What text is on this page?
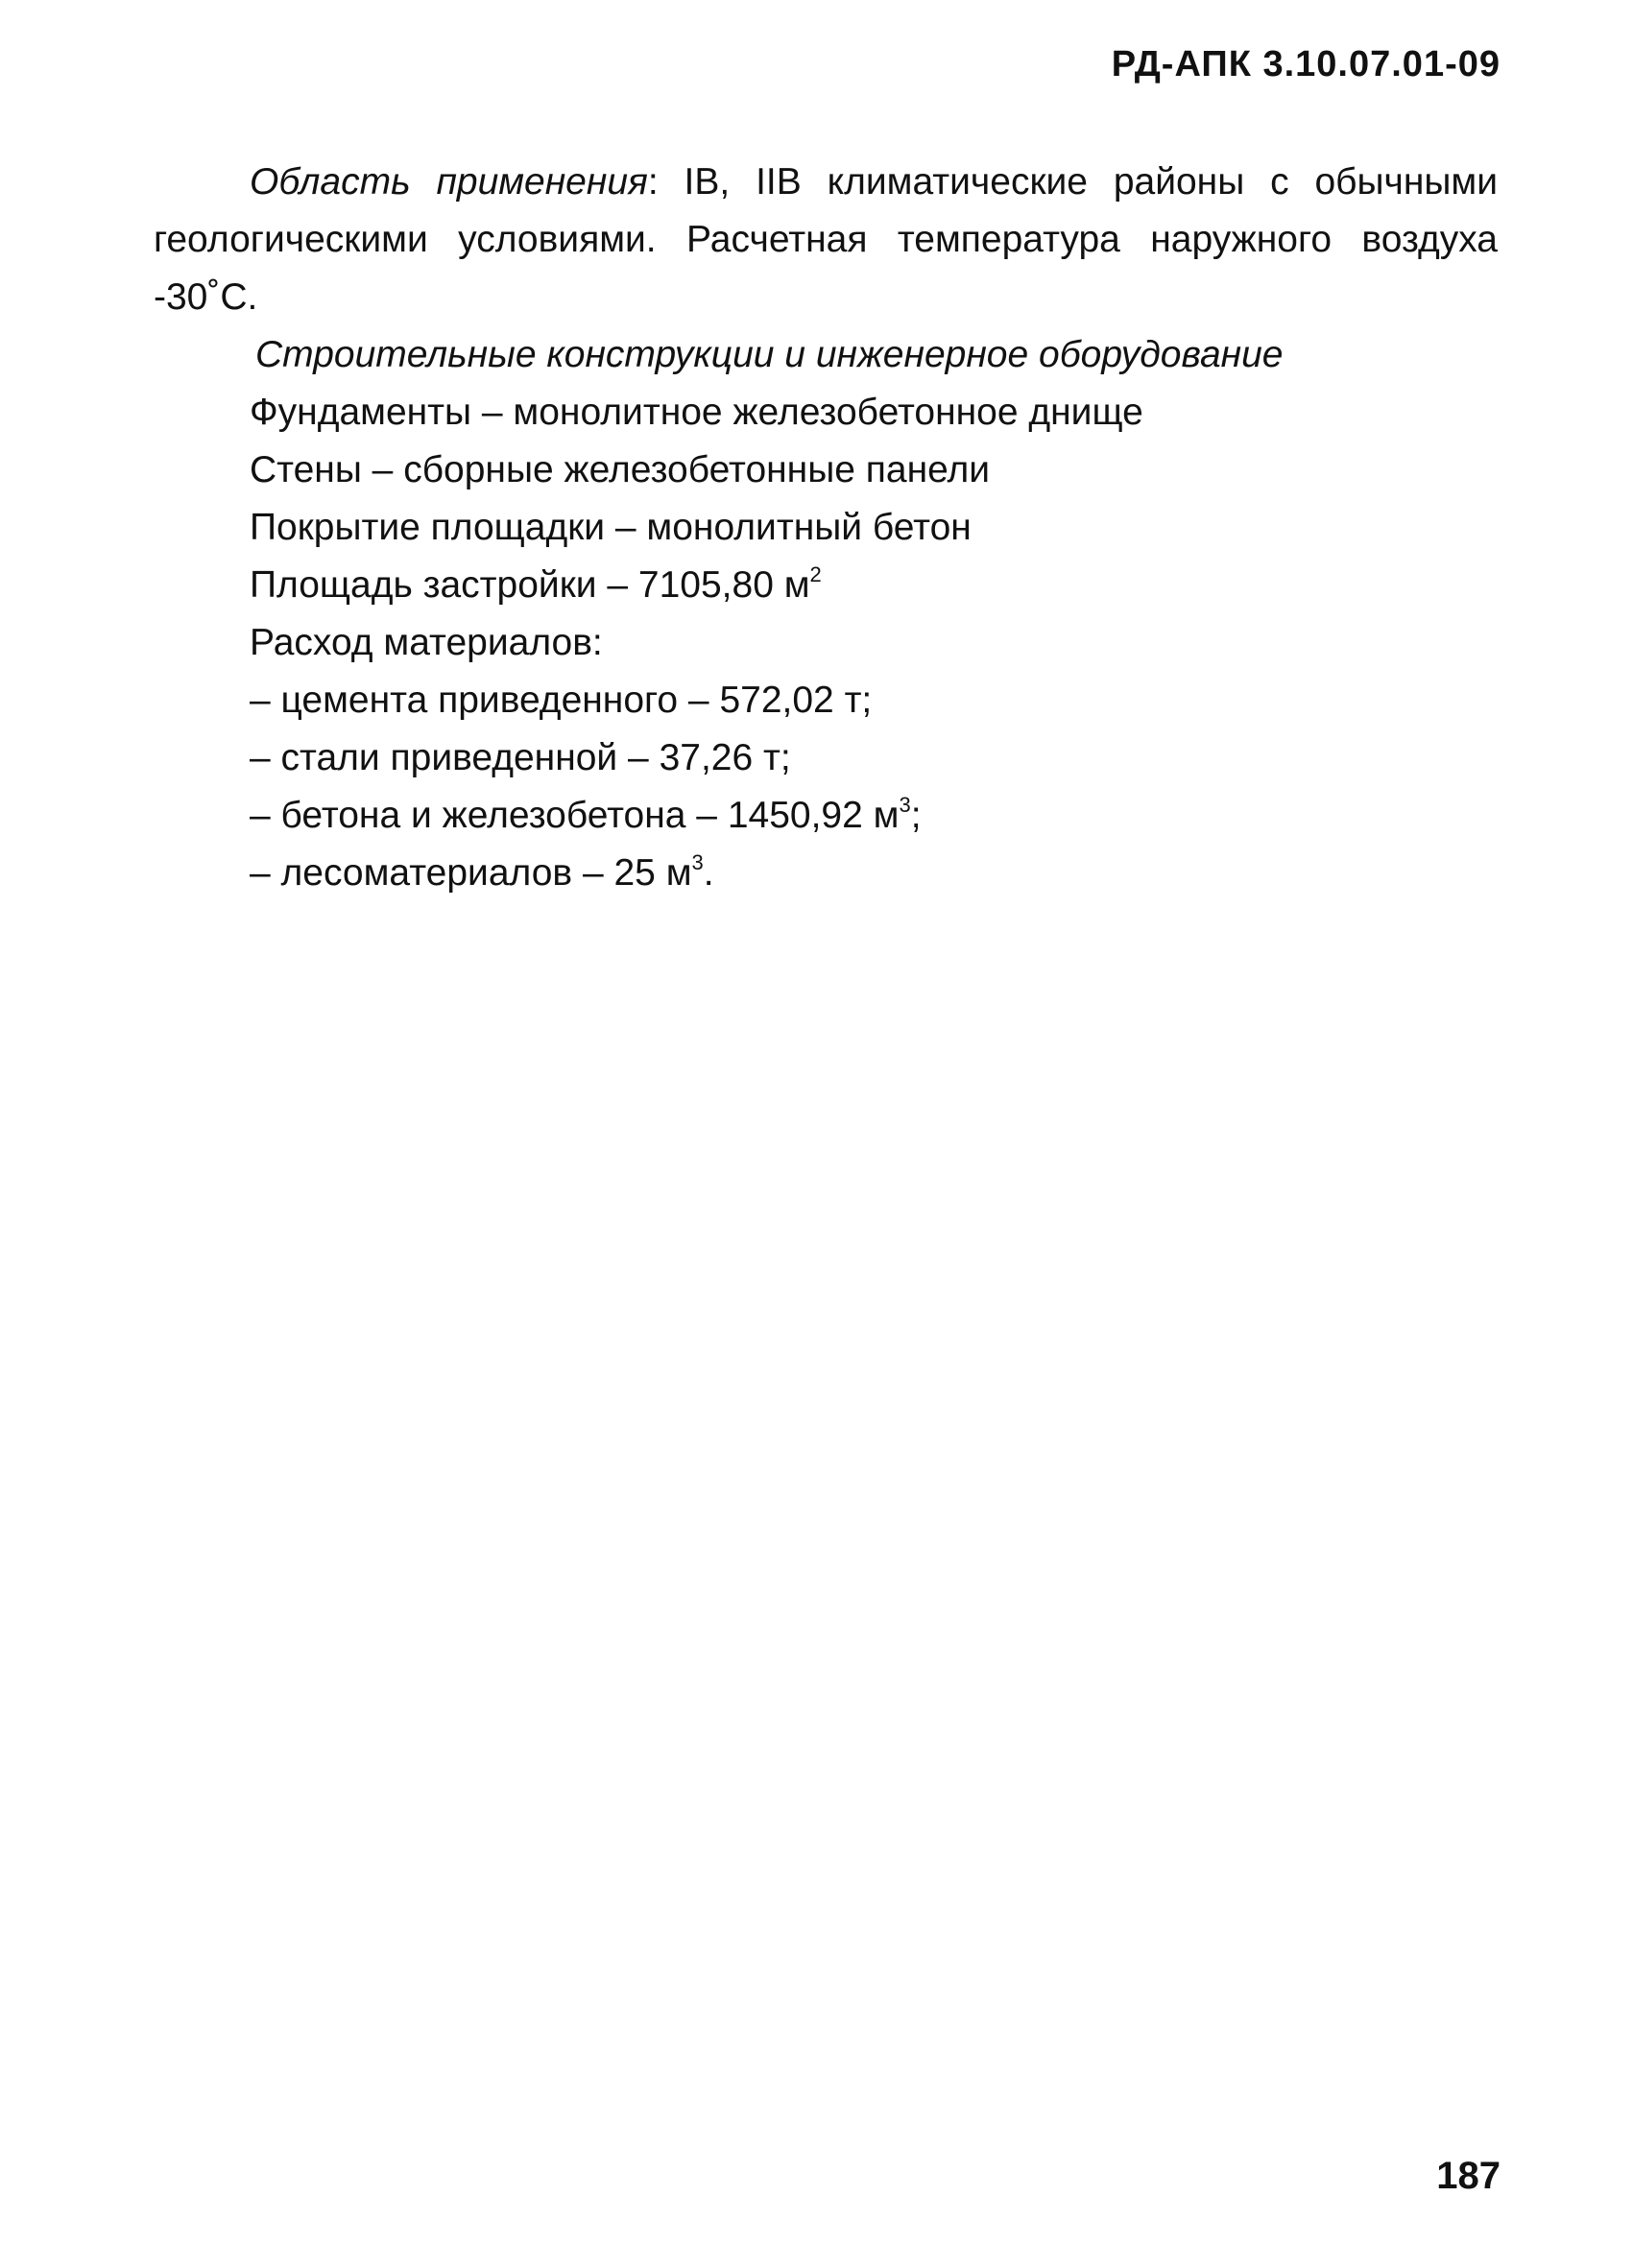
РД-АПК 3.10.07.01-09

Область применения: IB, IIB климатические районы с обычными геологическими условиями. Расчетная температура наружного воздуха -30˚С.

Строительные конструкции и инженерное оборудование

Фундаменты – монолитное железобетонное днище

Стены – сборные железобетонные панели

Покрытие площадки – монолитный бетон

Площадь застройки – 7105,80 $м^2$

Расход материалов:

– цемента приведенного – 572,02 т;

– стали приведенной – 37,26 т;

– бетона и железобетона – 1450,92 $м^3$;

– лесоматериалов – 25 $м^3$.

187
